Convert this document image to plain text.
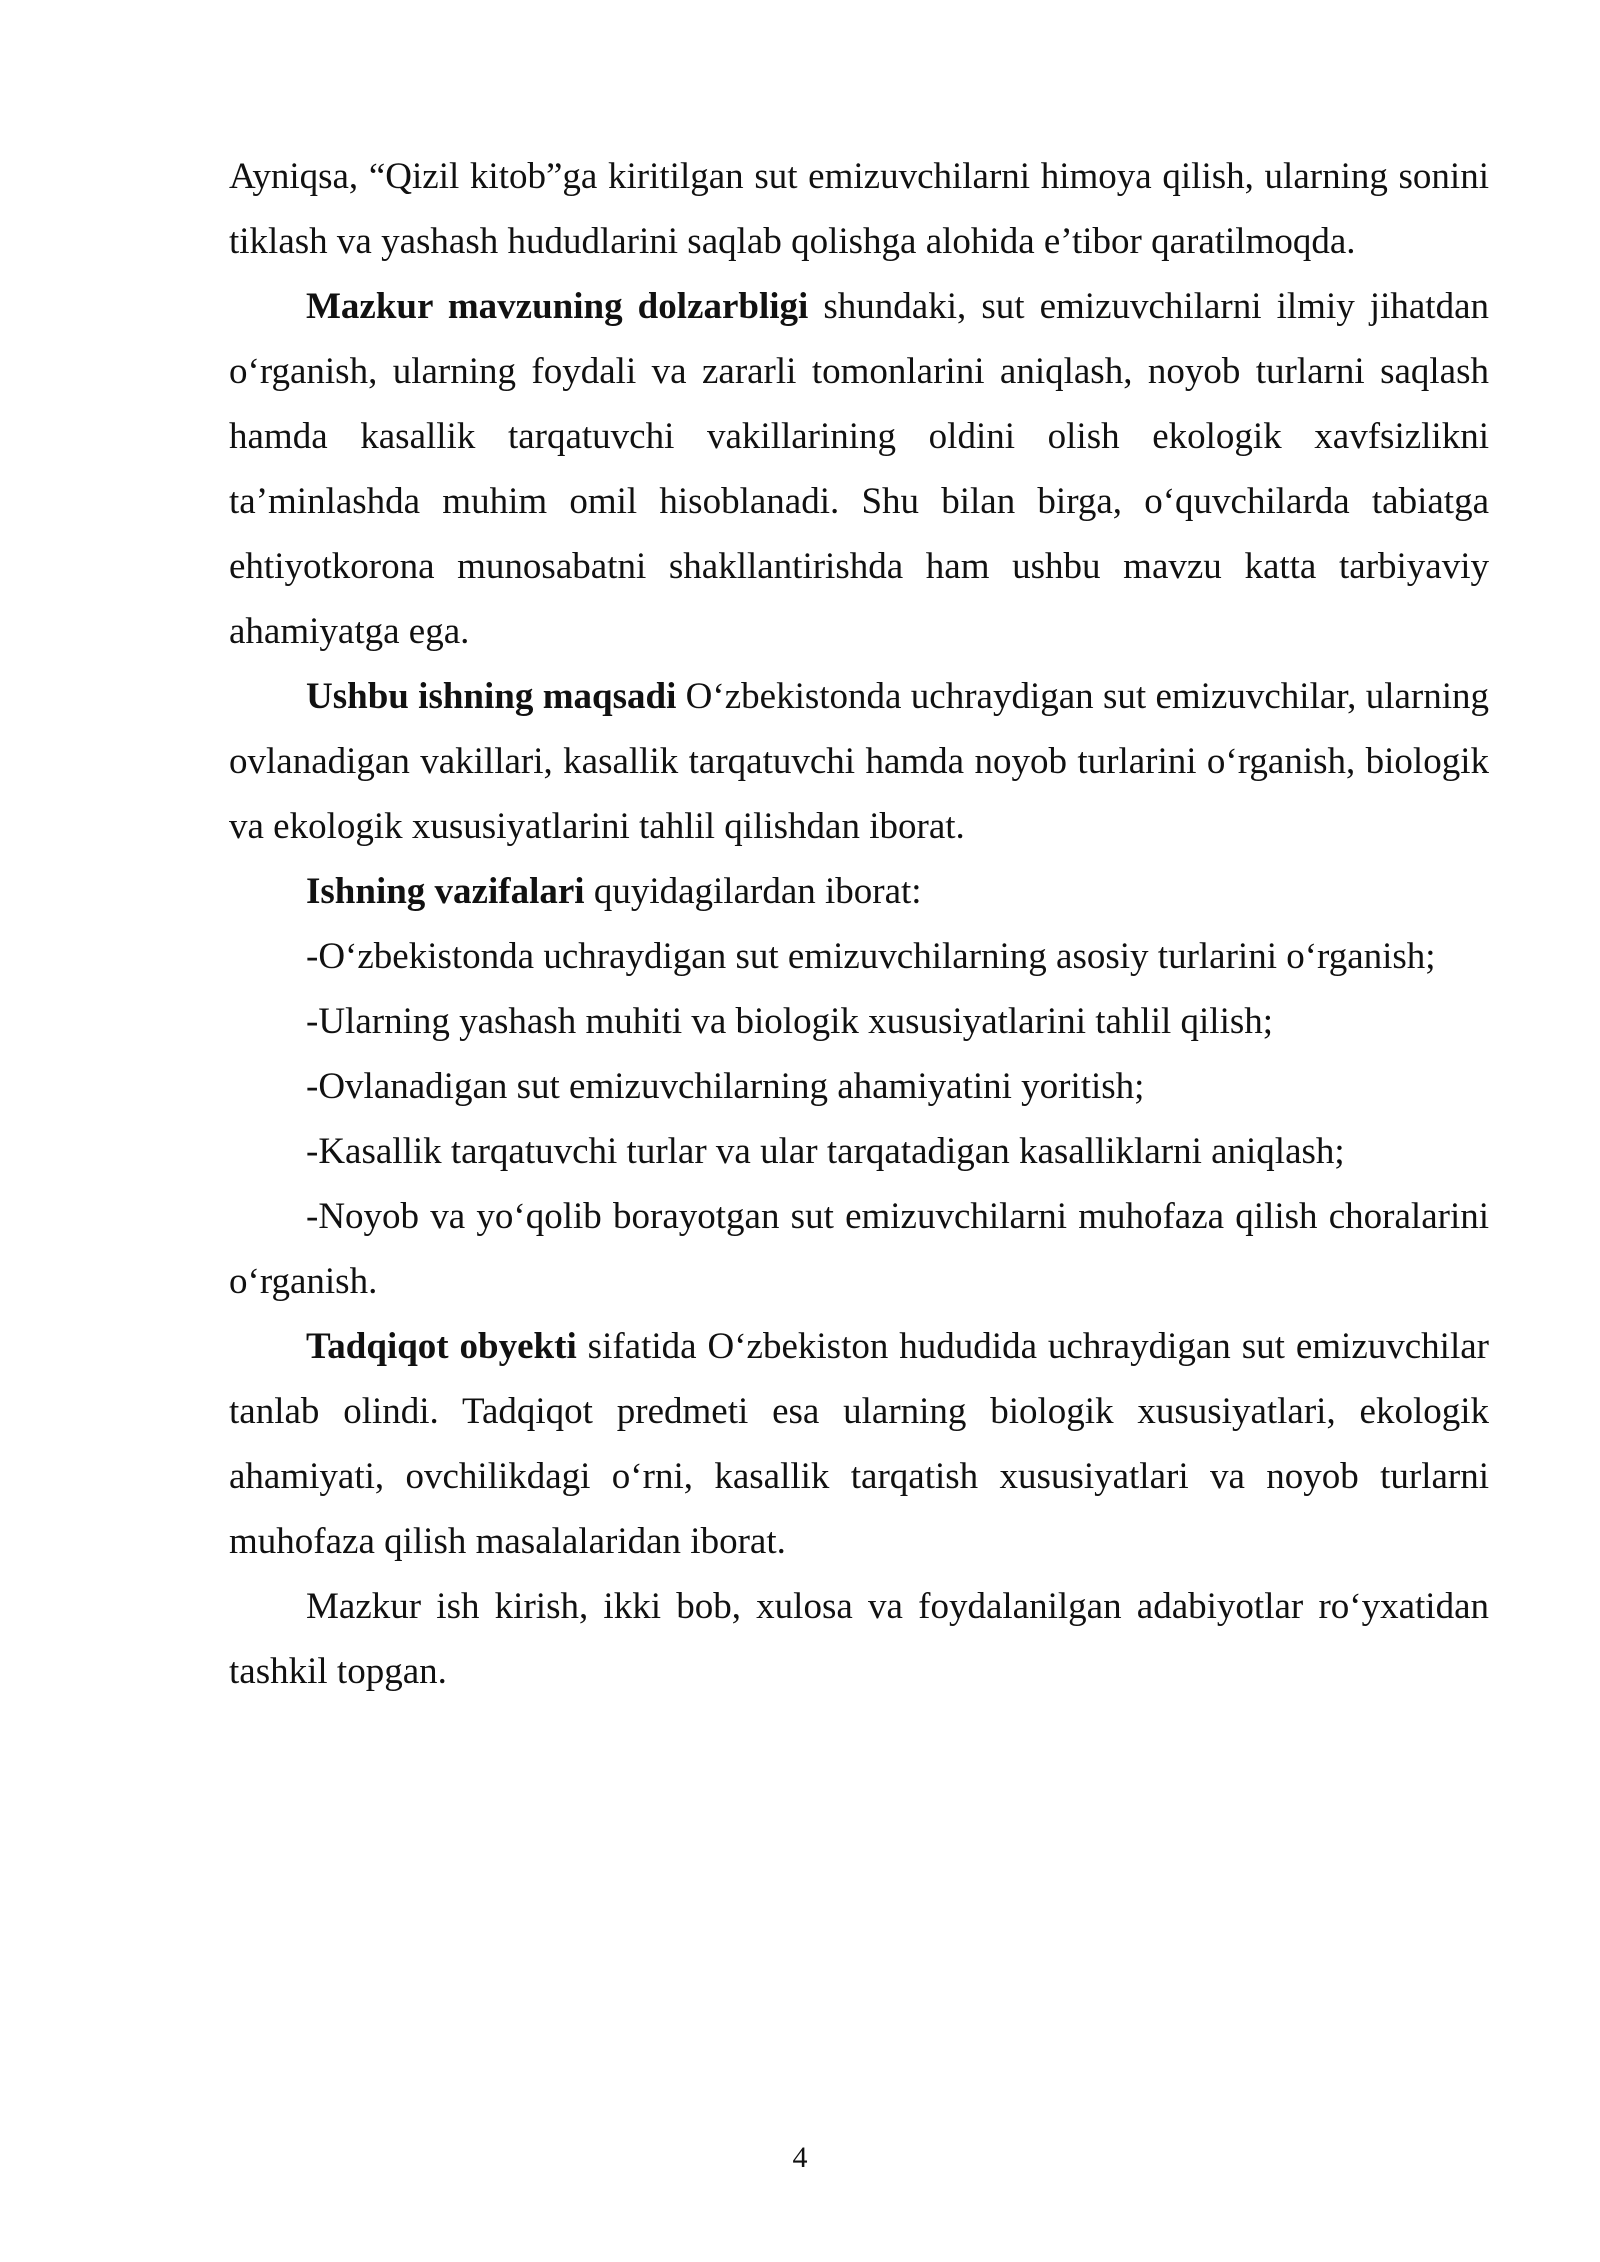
Ayniqsa, “Qizil kitob”ga kiritilgan sut emizuvchilarni himoya qilish, ularning sonini tiklash va yashash hududlarini saqlab qolishga alohida e’tibor qaratilmoqda.

Mazkur mavzuning dolzarbligi shundaki, sut emizuvchilarni ilmiy jihatdan o‘rganish, ularning foydali va zararli tomonlarini aniqlash, noyob turlarni saqlash hamda kasallik tarqatuvchi vakillarining oldini olish ekologik xavfsizlikni ta’minlashda muhim omil hisoblanadi. Shu bilan birga, o‘quvchilarda tabiatga ehtiyotkorona munosabatni shakllantirishda ham ushbu mavzu katta tarbiyaviy ahamiyatga ega.

Ushbu ishning maqsadi O‘zbekistonda uchraydigan sut emizuvchilar, ularning ovlanadigan vakillari, kasallik tarqatuvchi hamda noyob turlarini o‘rganish, biologik va ekologik xususiyatlarini tahlil qilishdan iborat.

Ishning vazifalari quyidagilardan iborat:

-O‘zbekistonda uchraydigan sut emizuvchilarning asosiy turlarini o‘rganish;

-Ularning yashash muhiti va biologik xususiyatlarini tahlil qilish;

-Ovlanadigan sut emizuvchilarning ahamiyatini yoritish;

-Kasallik tarqatuvchi turlar va ular tarqatadigan kasalliklarni aniqlash;

-Noyob va yo‘qolib borayotgan sut emizuvchilarni muhofaza qilish choralarini o‘rganish.

Tadqiqot obyekti sifatida O‘zbekiston hududida uchraydigan sut emizuvchilar tanlab olindi. Tadqiqot predmeti esa ularning biologik xususiyatlari, ekologik ahamiyati, ovchilikdagi o‘rni, kasallik tarqatish xususiyatlari va noyob turlarni muhofaza qilish masalalaridan iborat.

Mazkur ish kirish, ikki bob, xulosa va foydalanilgan adabiyotlar ro‘yxatidan tashkil topgan.

4
